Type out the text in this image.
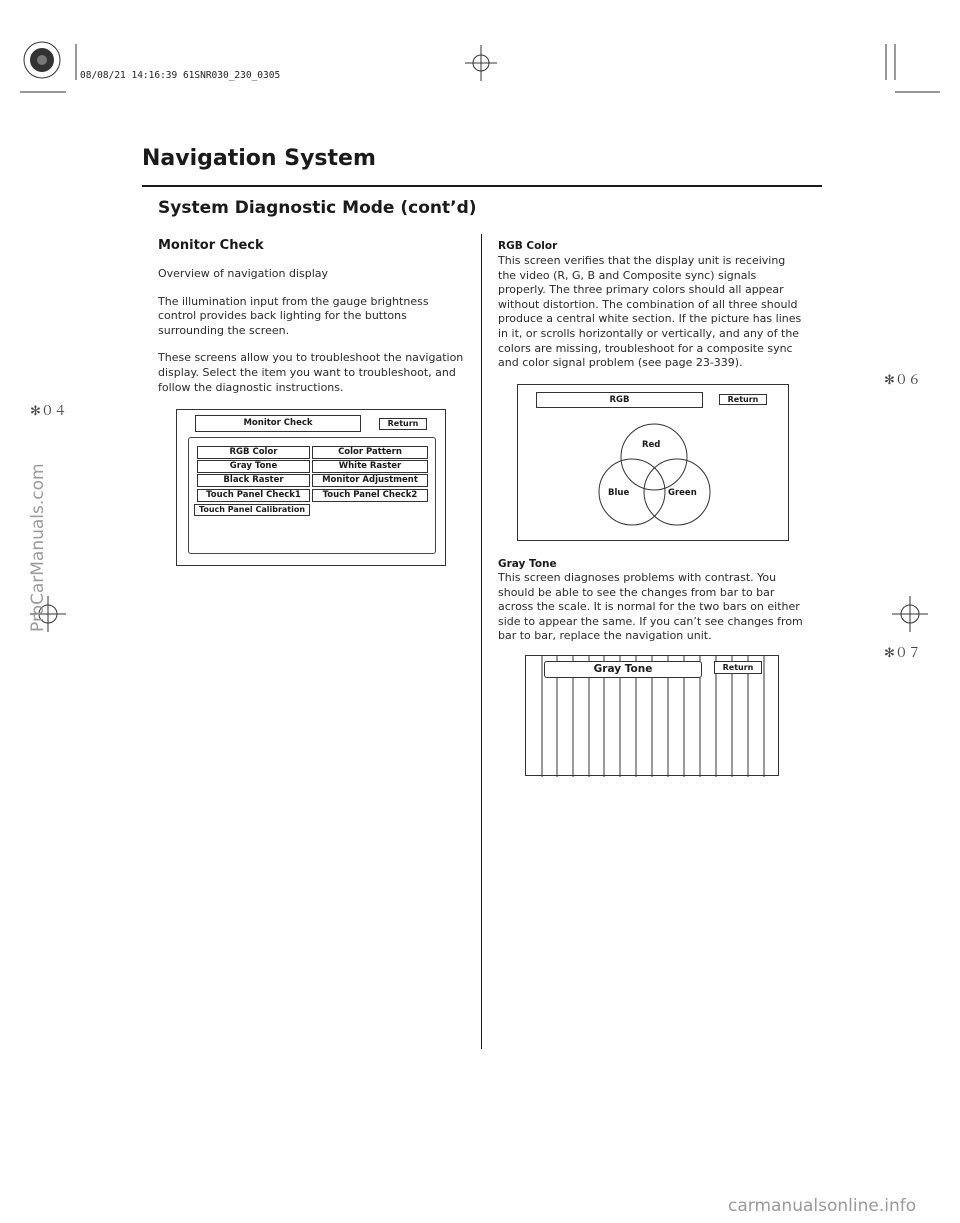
08/08/21 14:16:39 61SNR030_230_0305
Navigation System
System Diagnostic Mode (cont’d)
Monitor Check

Overview of navigation display

The illumination input from the gauge brightness control provides back lighting for the buttons surrounding the screen.

These screens allow you to troubleshoot the navigation display. Select the item you want to troubleshoot, and follow the diagnostic instructions.

Monitor Check	Return
RGB Color	Color Pattern
Gray Tone	White Raster
Black Raster	Monitor Adjustment
Touch Panel Check1	Touch Panel Check2
Touch Panel Calibration
RGB Color
This screen verifies that the display unit is receiving the video (R, G, B and Composite sync) signals properly. The three primary colors should all appear without distortion. The combination of all three should produce a central white section. If the picture has lines in it, or scrolls horizontally or vertically, and any of the colors are missing, troubleshoot for a composite sync and color signal problem (see page 23-339).
RGB	Return
Red
Blue	Green
Gray Tone
This screen diagnoses problems with contrast. You should be able to see the changes from bar to bar across the scale. It is normal for the two bars on either side to appear the same. If you can’t see changes from bar to bar, replace the navigation unit.
Gray Tone	Return
✻０４
✻０６
✻０７
ProCarManuals.com
carmanualsonline.info
